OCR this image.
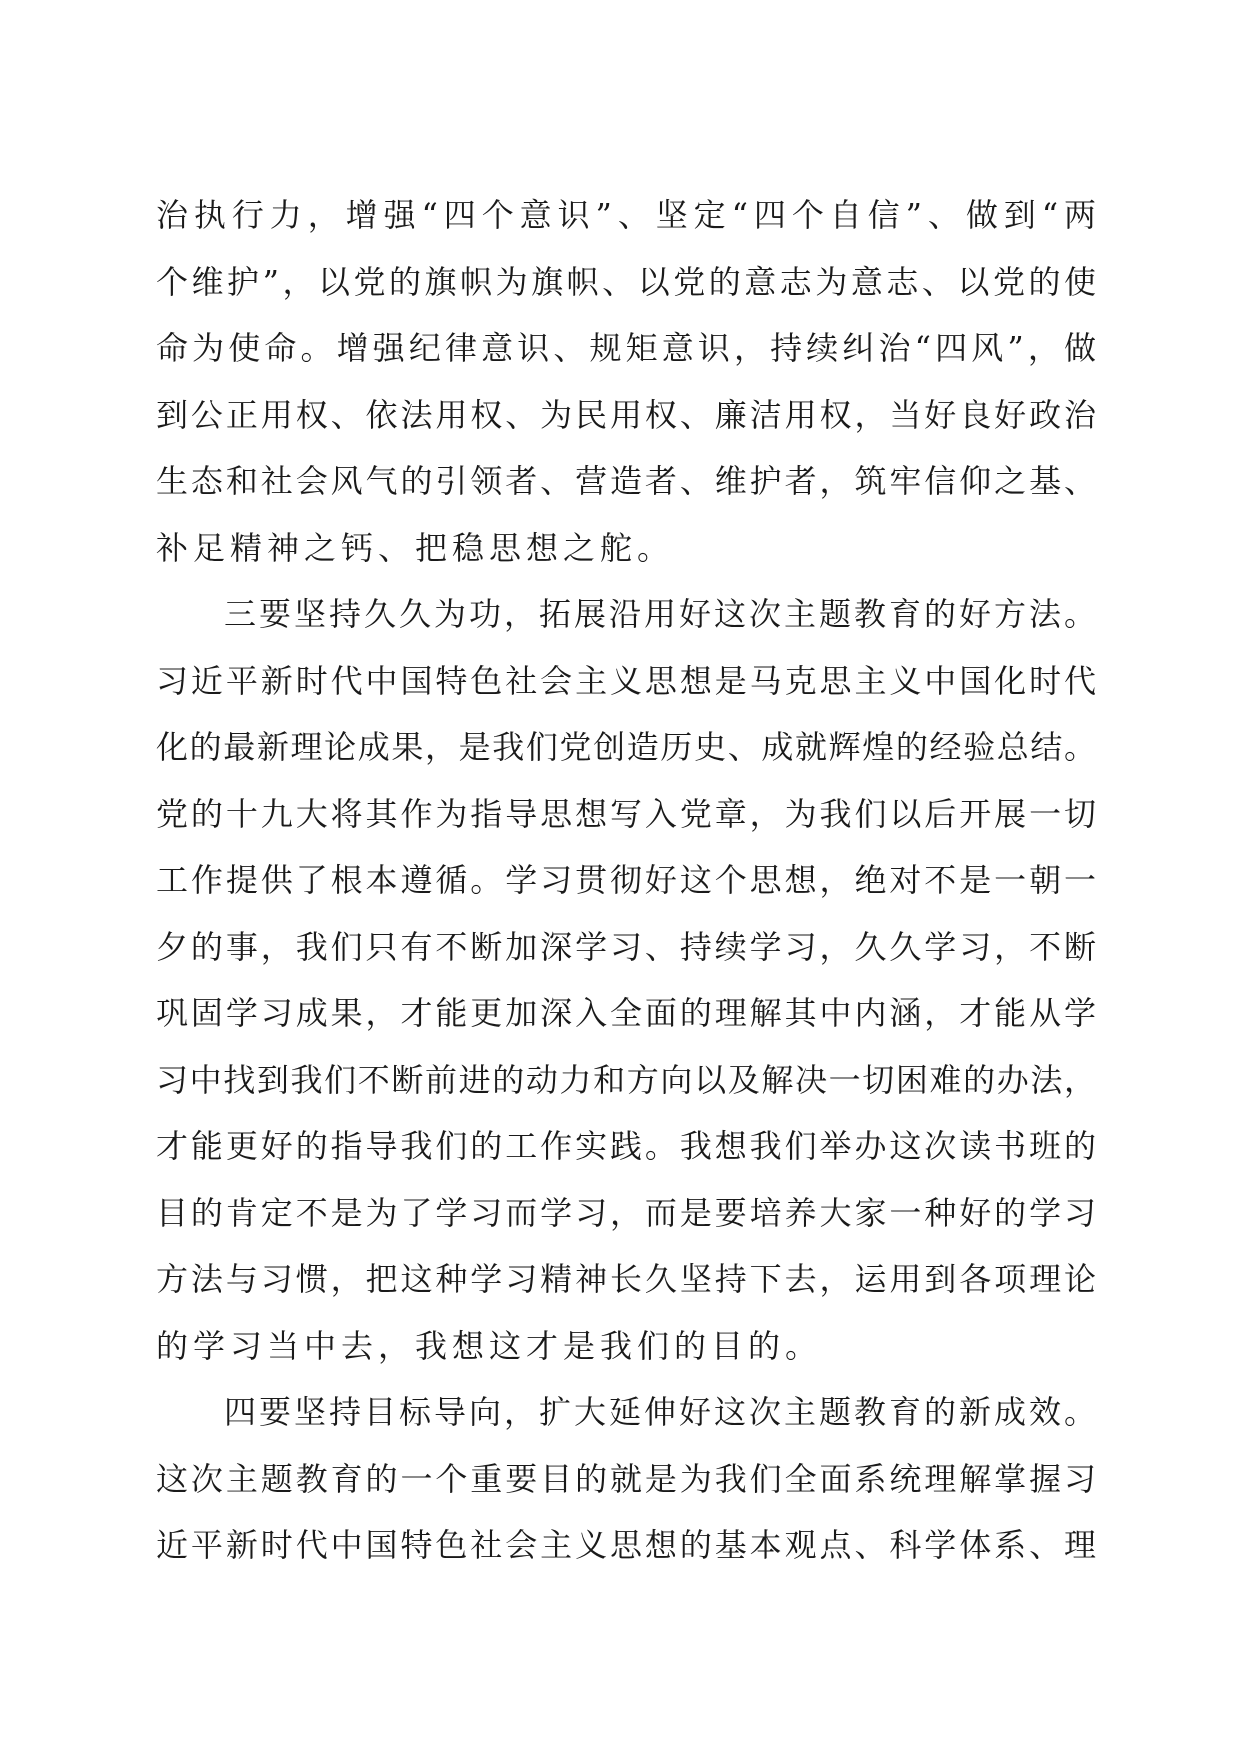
治执行力，增强“四个意识”、坚定“四个自信”、做到“两
个维护”，以党的旗帜为旗帜、以党的意志为意志、以党的使
命为使命。增强纪律意识、规矩意识，持续纠治“四风”，做
到公正用权、依法用权、为民用权、廉洁用权，当好良好政治
生态和社会风气的引领者、营造者、维护者，筑牢信仰之基、
补足精神之钙、把稳思想之舵。
三要坚持久久为功，拓展沿用好这次主题教育的好方法。
习近平新时代中国特色社会主义思想是马克思主义中国化时代
化的最新理论成果，是我们党创造历史、成就辉煌的经验总结。
党的十九大将其作为指导思想写入党章，为我们以后开展一切
工作提供了根本遵循。学习贯彻好这个思想，绝对不是一朝一
夕的事，我们只有不断加深学习、持续学习，久久学习，不断
巩固学习成果，才能更加深入全面的理解其中内涵，才能从学
习中找到我们不断前进的动力和方向以及解决一切困难的办法，
才能更好的指导我们的工作实践。我想我们举办这次读书班的
目的肯定不是为了学习而学习，而是要培养大家一种好的学习
方法与习惯，把这种学习精神长久坚持下去，运用到各项理论
的学习当中去，我想这才是我们的目的。
四要坚持目标导向，扩大延伸好这次主题教育的新成效。
这次主题教育的一个重要目的就是为我们全面系统理解掌握习
近平新时代中国特色社会主义思想的基本观点、科学体系、理
